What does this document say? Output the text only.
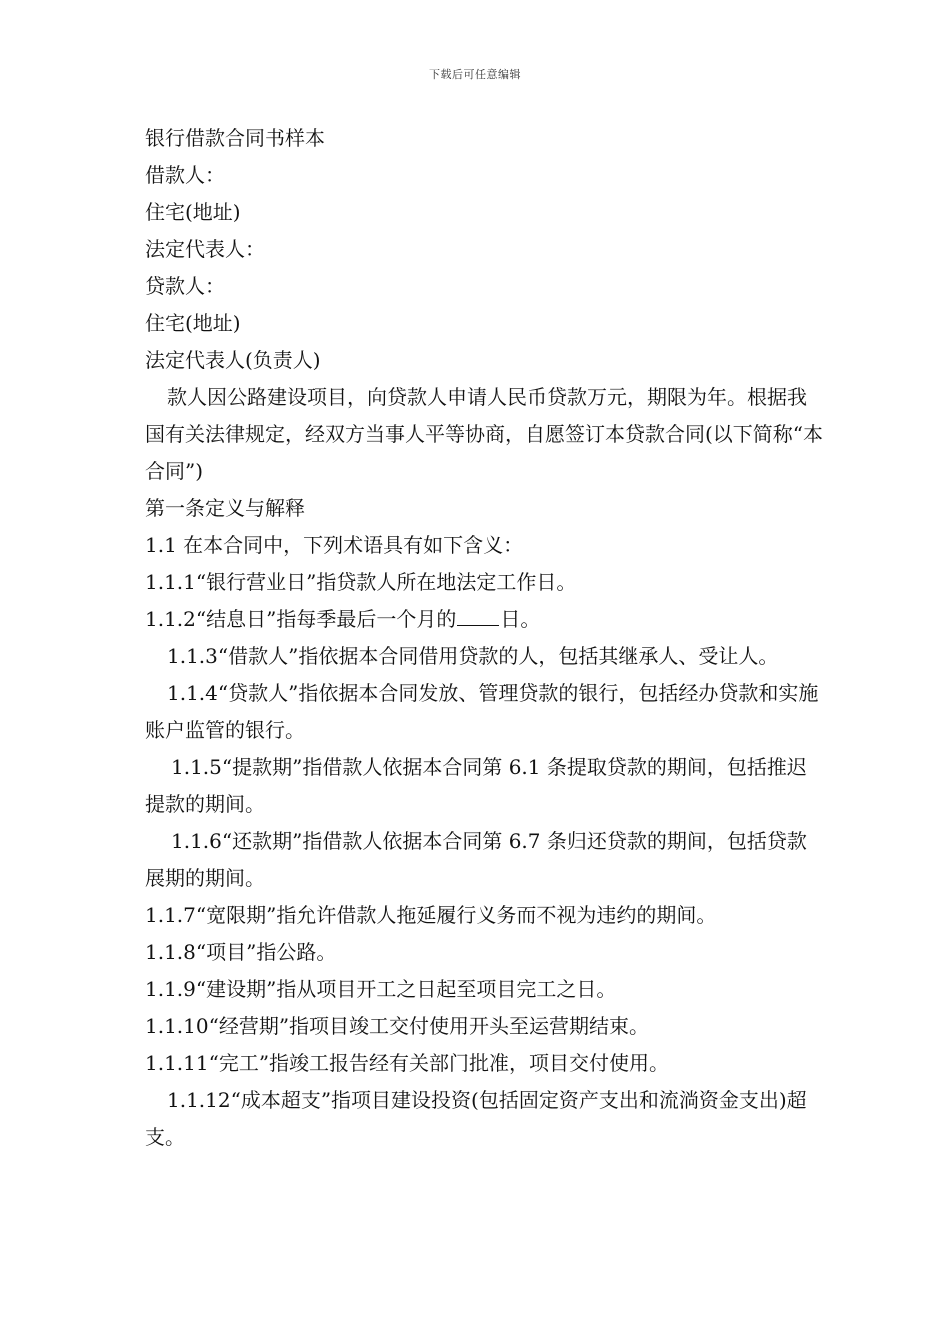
下载后可任意编辑

银行借款合同书样本

借款人：

住宅(地址)

法定代表人：

贷款人：

住宅(地址)

法定代表人(负责人)

款人因公路建设项目，向贷款人申请人民币贷款万元，期限为年。根据我国有关法律规定，经双方当事人平等协商，自愿签订本贷款合同(以下简称“本合同”)

第一条定义与解释

1.1 在本合同中，下列术语具有如下含义：

1.1.1“银行营业日”指贷款人所在地法定工作日。

1.1.2“结息日”指每季最后一个月的 日。

1.1.3“借款人”指依据本合同借用贷款的人，包括其继承人、受让人。

1.1.4“贷款人”指依据本合同发放、管理贷款的银行，包括经办贷款和实施账户监管的银行。

1.1.5“提款期”指借款人依据本合同第 6.1 条提取贷款的期间，包括推迟提款的期间。

1.1.6“还款期”指借款人依据本合同第 6.7 条归还贷款的期间，包括贷款展期的期间。

1.1.7“宽限期”指允许借款人拖延履行义务而不视为违约的期间。

1.1.8“项目”指公路。

1.1.9“建设期”指从项目开工之日起至项目完工之日。

1.1.10“经营期”指项目竣工交付使用开头至运营期结束。

1.1.11“完工”指竣工报告经有关部门批准，项目交付使用。

1.1.12“成本超支”指项目建设投资(包括固定资产支出和流淌资金支出)超支。
